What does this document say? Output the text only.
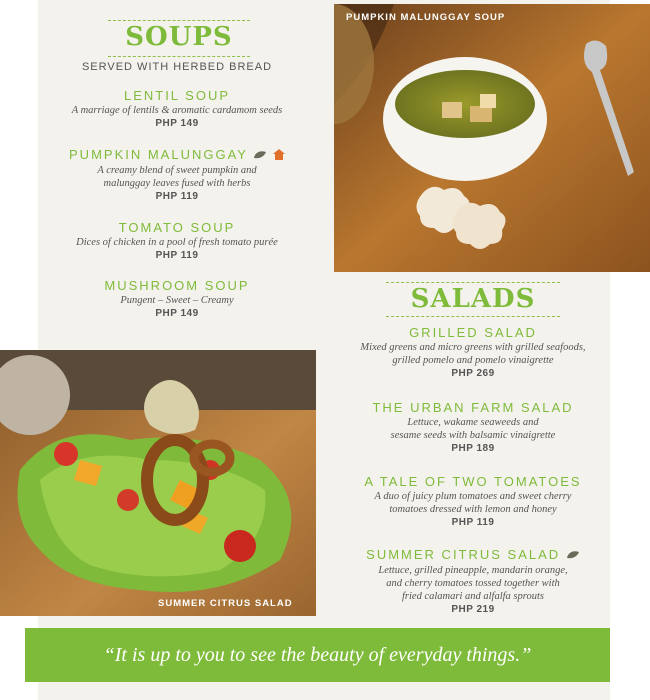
SOUPS
SERVED WITH HERBED BREAD
LENTIL SOUP
A marriage of lentils & aromatic cardamom seeds
PHP 149
PUMPKIN MALUNGGAY
A creamy blend of sweet pumpkin and
malunggay leaves fused with herbs
PHP 119
TOMATO SOUP
Dices of chicken in a pool of fresh tomato purée
PHP 119
MUSHROOM SOUP
Pungent – Sweet – Creamy
PHP 149
PUMPKIN MALUNGGAY SOUP
SALADS
GRILLED SALAD
Mixed greens and micro greens with grilled seafoods,
grilled pomelo and pomelo vinaigrette
PHP 269
THE URBAN FARM SALAD
Lettuce, wakame seaweeds and
sesame seeds with balsamic vinaigrette
PHP 189
A TALE OF TWO TOMATOES
A duo of juicy plum tomatoes and sweet cherry
tomatoes dressed with lemon and honey
PHP 119
SUMMER CITRUS SALAD
Lettuce, grilled pineapple, mandarin orange,
and cherry tomatoes tossed together with
fried calamari and alfalfa sprouts
PHP 219
SUMMER CITRUS SALAD
“It is up to you to see the beauty of everyday things.”
